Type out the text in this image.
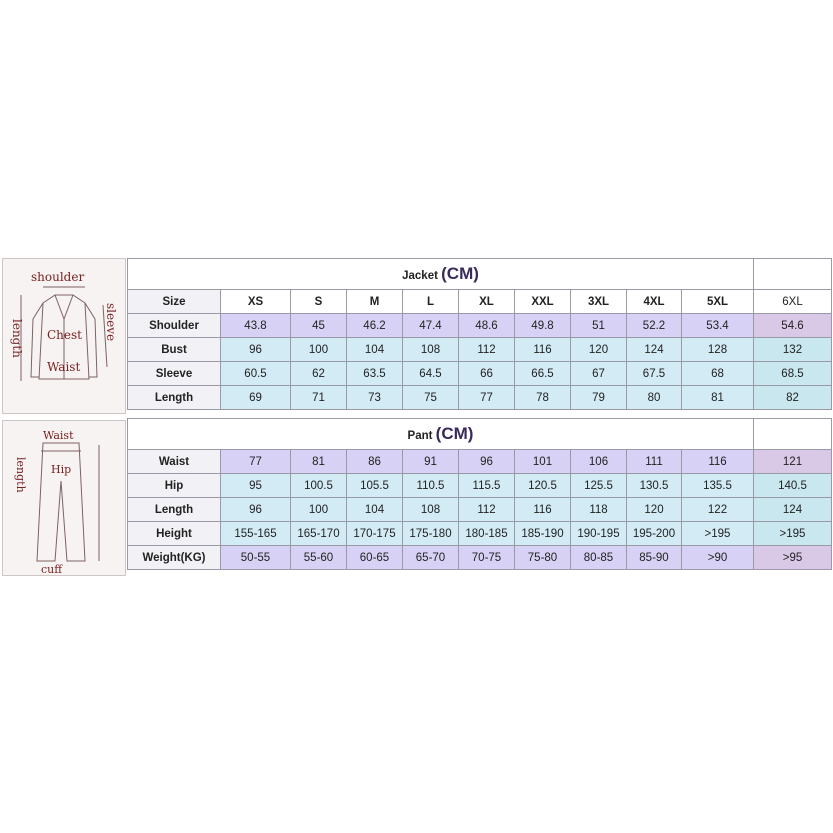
shoulder
length	sleeve
Chest
Waist
Waist
length Hip
cuff
Jacket (CM)										
Size	XS	S	M	L	XL	XXL	3XL	4XL	5XL	6XL
Shoulder	43.8	45	46.2	47.4	48.6	49.8	51	52.2	53.4	54.6
Bust	96	100	104	108	112	116	120	124	128	132
Sleeve	60.5	62	63.5	64.5	66	66.5	67	67.5	68	68.5
Length	69	71	73	75	77	78	79	80	81	82
Pant (CM)										
Waist	77	81	86	91	96	101	106	111	116	121
Hip	95	100.5	105.5	110.5	115.5	120.5	125.5	130.5	135.5	140.5
Length	96	100	104	108	112	116	118	120	122	124
Height	155-165	165-170	170-175	175-180	180-185	185-190	190-195	195-200	>195	>195
Weight(KG)	50-55	55-60	60-65	65-70	70-75	75-80	80-85	85-90	>90	>95
